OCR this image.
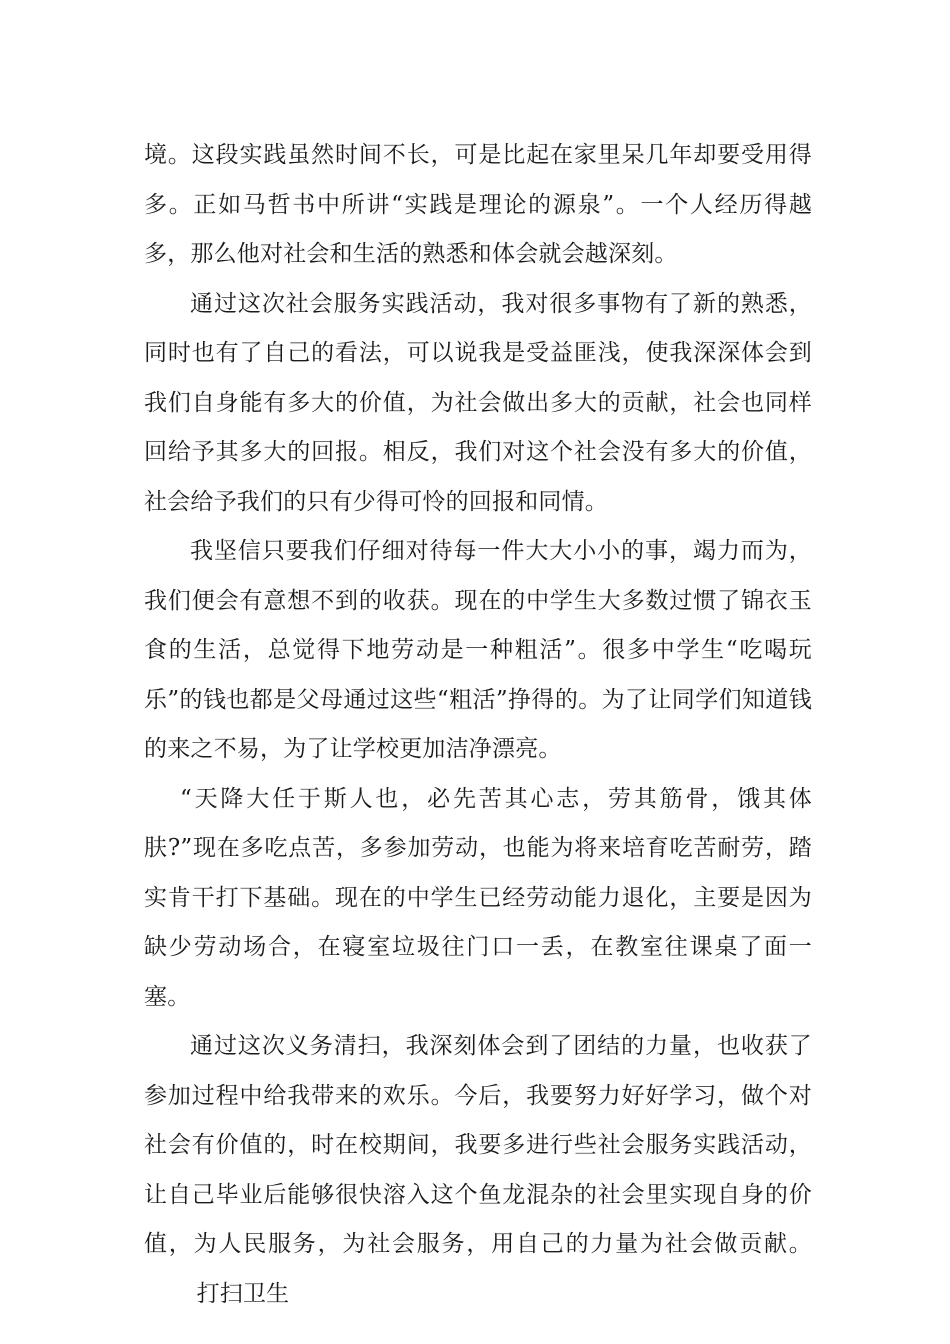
境。这段实践虽然时间不长，可是比起在家里呆几年却要受用得多。正如马哲书中所讲“实践是理论的源泉”。一个人经历得越多，那么他对社会和生活的熟悉和体会就会越深刻。

通过这次社会服务实践活动，我对很多事物有了新的熟悉，同时也有了自己的看法，可以说我是受益匪浅，使我深深体会到我们自身能有多大的价值，为社会做出多大的贡献，社会也同样回给予其多大的回报。相反，我们对这个社会没有多大的价值，社会给予我们的只有少得可怜的回报和同情。

我坚信只要我们仔细对待每一件大大小小的事，竭力而为，我们便会有意想不到的收获。现在的中学生大多数过惯了锦衣玉食的生活，总觉得下地劳动是一种粗活”。很多中学生“吃喝玩乐”的钱也都是父母通过这些“粗活”挣得的。为了让同学们知道钱的来之不易，为了让学校更加洁净漂亮。

“天降大任于斯人也，必先苦其心志，劳其筋骨，饿其体肤?”现在多吃点苦，多参加劳动，也能为将来培育吃苦耐劳，踏实肯干打下基础。现在的中学生已经劳动能力退化，主要是因为缺少劳动场合，在寝室垃圾往门口一丢，在教室往课桌了面一塞。

通过这次义务清扫，我深刻体会到了团结的力量，也收获了参加过程中给我带来的欢乐。今后，我要努力好好学习，做个对社会有价值的，时在校期间，我要多进行些社会服务实践活动，让自己毕业后能够很快溶入这个鱼龙混杂的社会里实现自身的价值，为人民服务，为社会服务，用自己的力量为社会做贡献。       打扫卫生
